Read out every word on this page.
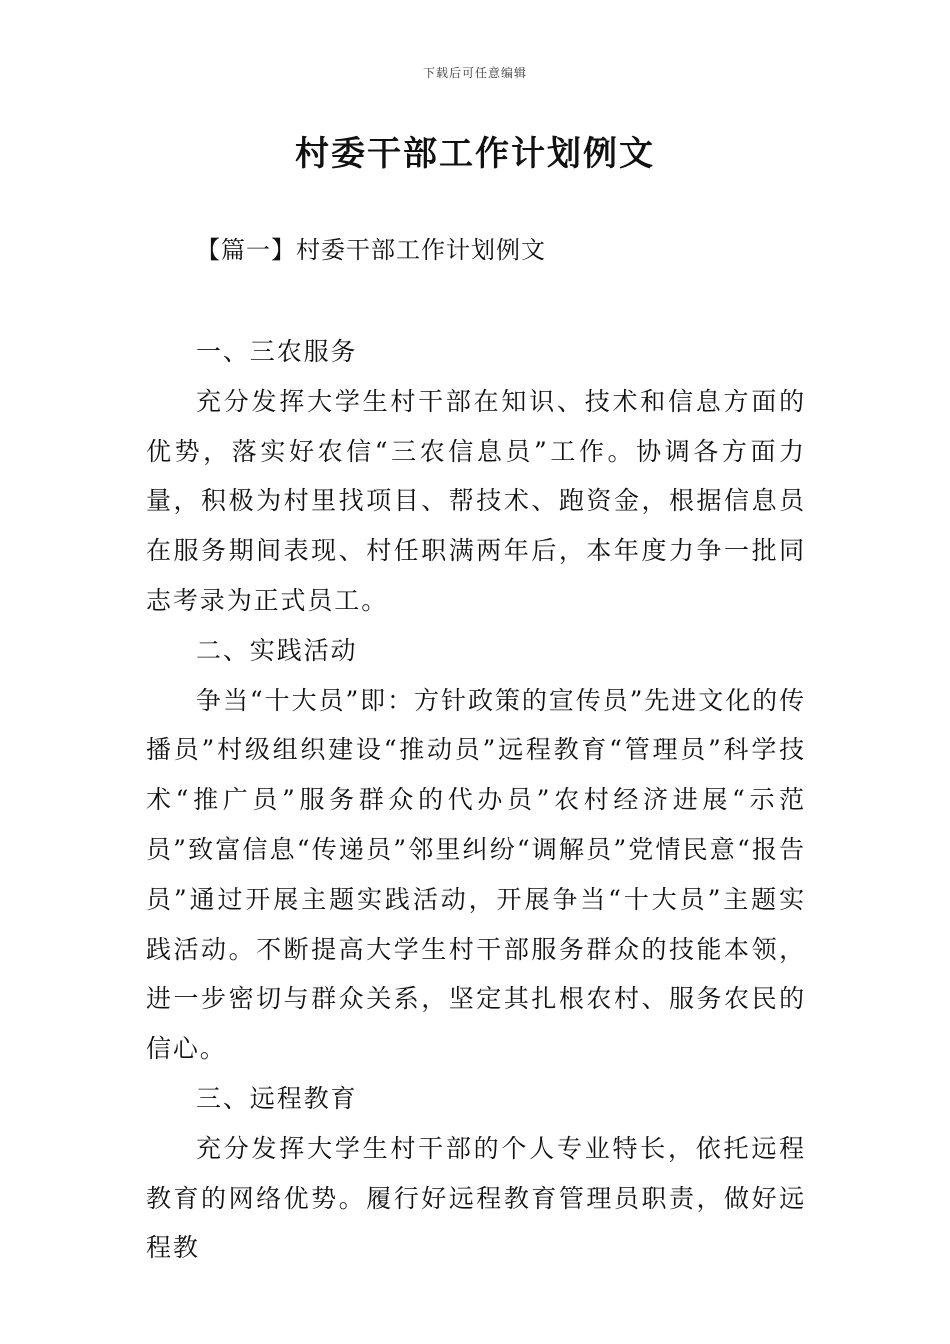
下载后可任意编辑
村委干部工作计划例文
【篇一】村委干部工作计划例文

一、三农服务

充分发挥大学生村干部在知识、技术和信息方面的优势，落实好农信“三农信息员”工作。协调各方面力量，积极为村里找项目、帮技术、跑资金，根据信息员在服务期间表现、村任职满两年后，本年度力争一批同志考录为正式员工。

二、实践活动

争当“十大员”即：方针政策的宣传员”先进文化的传播员”村级组织建设“推动员”远程教育“管理员”科学技术“推广员”服务群众的代办员”农村经济进展“示范员”致富信息“传递员”邻里纠纷“调解员”党情民意“报告员”通过开展主题实践活动，开展争当“十大员”主题实践活动。不断提高大学生村干部服务群众的技能本领，进一步密切与群众关系，坚定其扎根农村、服务农民的信心。

三、远程教育

充分发挥大学生村干部的个人专业特长，依托远程教育的网络优势。履行好远程教育管理员职责，做好远程教
